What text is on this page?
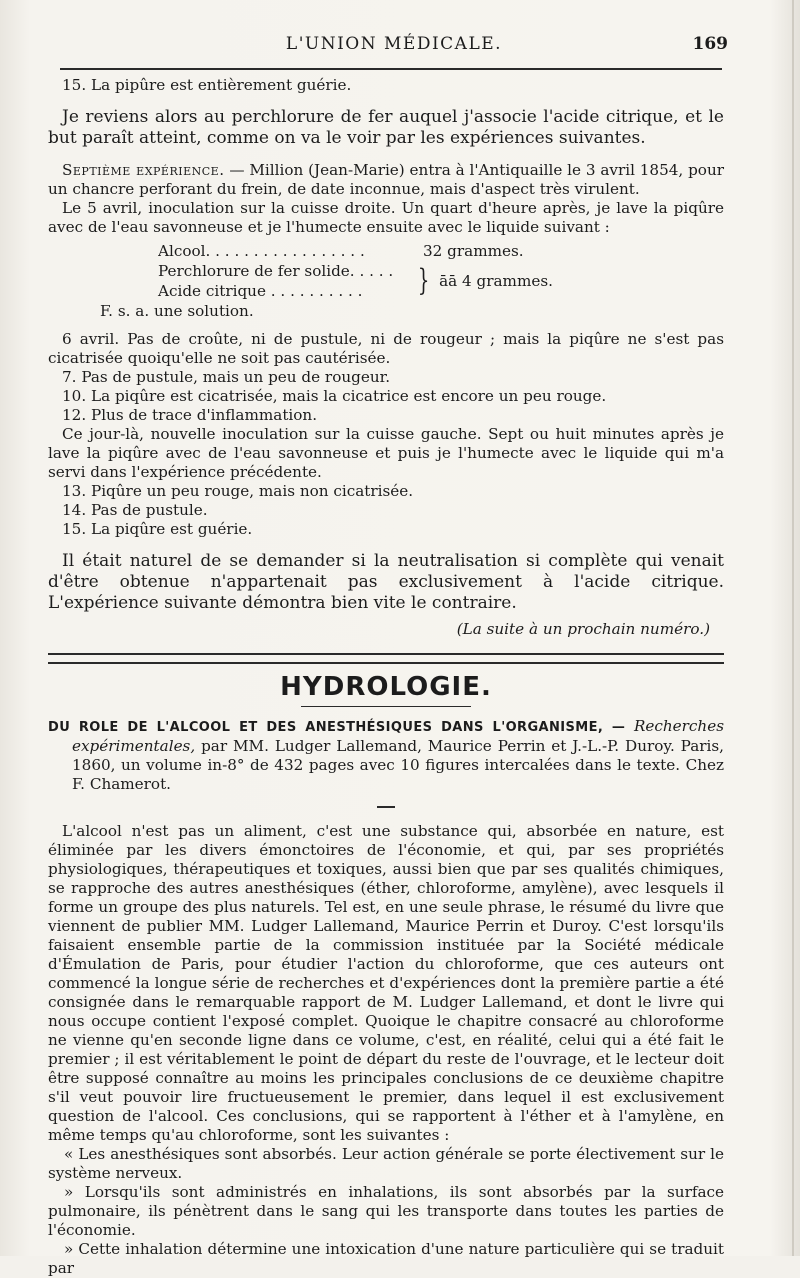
L'UNION MÉDICALE.	169

15. La pipûre est entièrement guérie.

Je reviens alors au perchlorure de fer auquel j'associe l'acide citrique, et le but paraît atteint, comme on va le voir par les expériences suivantes.

Septième expérience. — Million (Jean-Marie) entra à l'Antiquaille le 3 avril 1854, pour un chancre perforant du frein, de date inconnue, mais d'aspect très virulent.

Le 5 avril, inoculation sur la cuisse droite. Un quart d'heure après, je lave la piqûre avec de l'eau savonneuse et je l'humecte ensuite avec le liquide suivant :

Alcool. . . . . . . . . . . . . . . . .	32 grammes.
Perchlorure de fer solide. . . . .
Acide citrique . . . . . . . . . .	} āā 4 grammes.
F. s. a. une solution.

6 avril. Pas de croûte, ni de pustule, ni de rougeur ; mais la piqûre ne s'est pas cicatrisée quoiqu'elle ne soit pas cautérisée.

7. Pas de pustule, mais un peu de rougeur.

10. La piqûre est cicatrisée, mais la cicatrice est encore un peu rouge.

12. Plus de trace d'inflammation.

Ce jour-là, nouvelle inoculation sur la cuisse gauche. Sept ou huit minutes après je lave la piqûre avec de l'eau savonneuse et puis je l'humecte avec le liquide qui m'a servi dans l'expérience précédente.

13. Piqûre un peu rouge, mais non cicatrisée.

14. Pas de pustule.

15. La piqûre est guérie.

Il était naturel de se demander si la neutralisation si complète qui venait d'être obtenue n'appartenait pas exclusivement à l'acide citrique. L'expérience suivante démontra bien vite le contraire.

(La suite à un prochain numéro.)

HYDROLOGIE.

DU ROLE DE L'ALCOOL ET DES ANESTHÉSIQUES DANS L'ORGANISME, — Recherches expérimentales, par MM. Ludger Lallemand, Maurice Perrin et J.-L.-P. Duroy. Paris, 1860, un volume in-8° de 432 pages avec 10 figures intercalées dans le texte. Chez F. Chamerot.

L'alcool n'est pas un aliment, c'est une substance qui, absorbée en nature, est éliminée par les divers émonctoires de l'économie, et qui, par ses propriétés physiologiques, thérapeutiques et toxiques, aussi bien que par ses qualités chimiques, se rapproche des autres anesthésiques (éther, chloroforme, amylène), avec lesquels il forme un groupe des plus naturels. Tel est, en une seule phrase, le résumé du livre que viennent de publier MM. Ludger Lallemand, Maurice Perrin et Duroy. C'est lorsqu'ils faisaient ensemble partie de la commission instituée par la Société médicale d'Émulation de Paris, pour étudier l'action du chloroforme, que ces auteurs ont commencé la longue série de recherches et d'expériences dont la première partie a été consignée dans le remarquable rapport de M. Ludger Lallemand, et dont le livre qui nous occupe contient l'exposé complet. Quoique le chapitre consacré au chloroforme ne vienne qu'en seconde ligne dans ce volume, c'est, en réalité, celui qui a été fait le premier ; il est véritablement le point de départ du reste de l'ouvrage, et le lecteur doit être supposé connaître au moins les principales conclusions de ce deuxième chapitre s'il veut pouvoir lire fructueusement le premier, dans lequel il est exclusivement question de l'alcool. Ces conclusions, qui se rapportent à l'éther et à l'amylène, en même temps qu'au chloroforme, sont les suivantes :

« Les anesthésiques sont absorbés. Leur action générale se porte électivement sur le système nerveux.

» Lorsqu'ils sont administrés en inhalations, ils sont absorbés par la surface pulmonaire, ils pénètrent dans le sang qui les transporte dans toutes les parties de l'économie.

» Cette inhalation détermine une intoxication d'une nature particulière qui se traduit par
